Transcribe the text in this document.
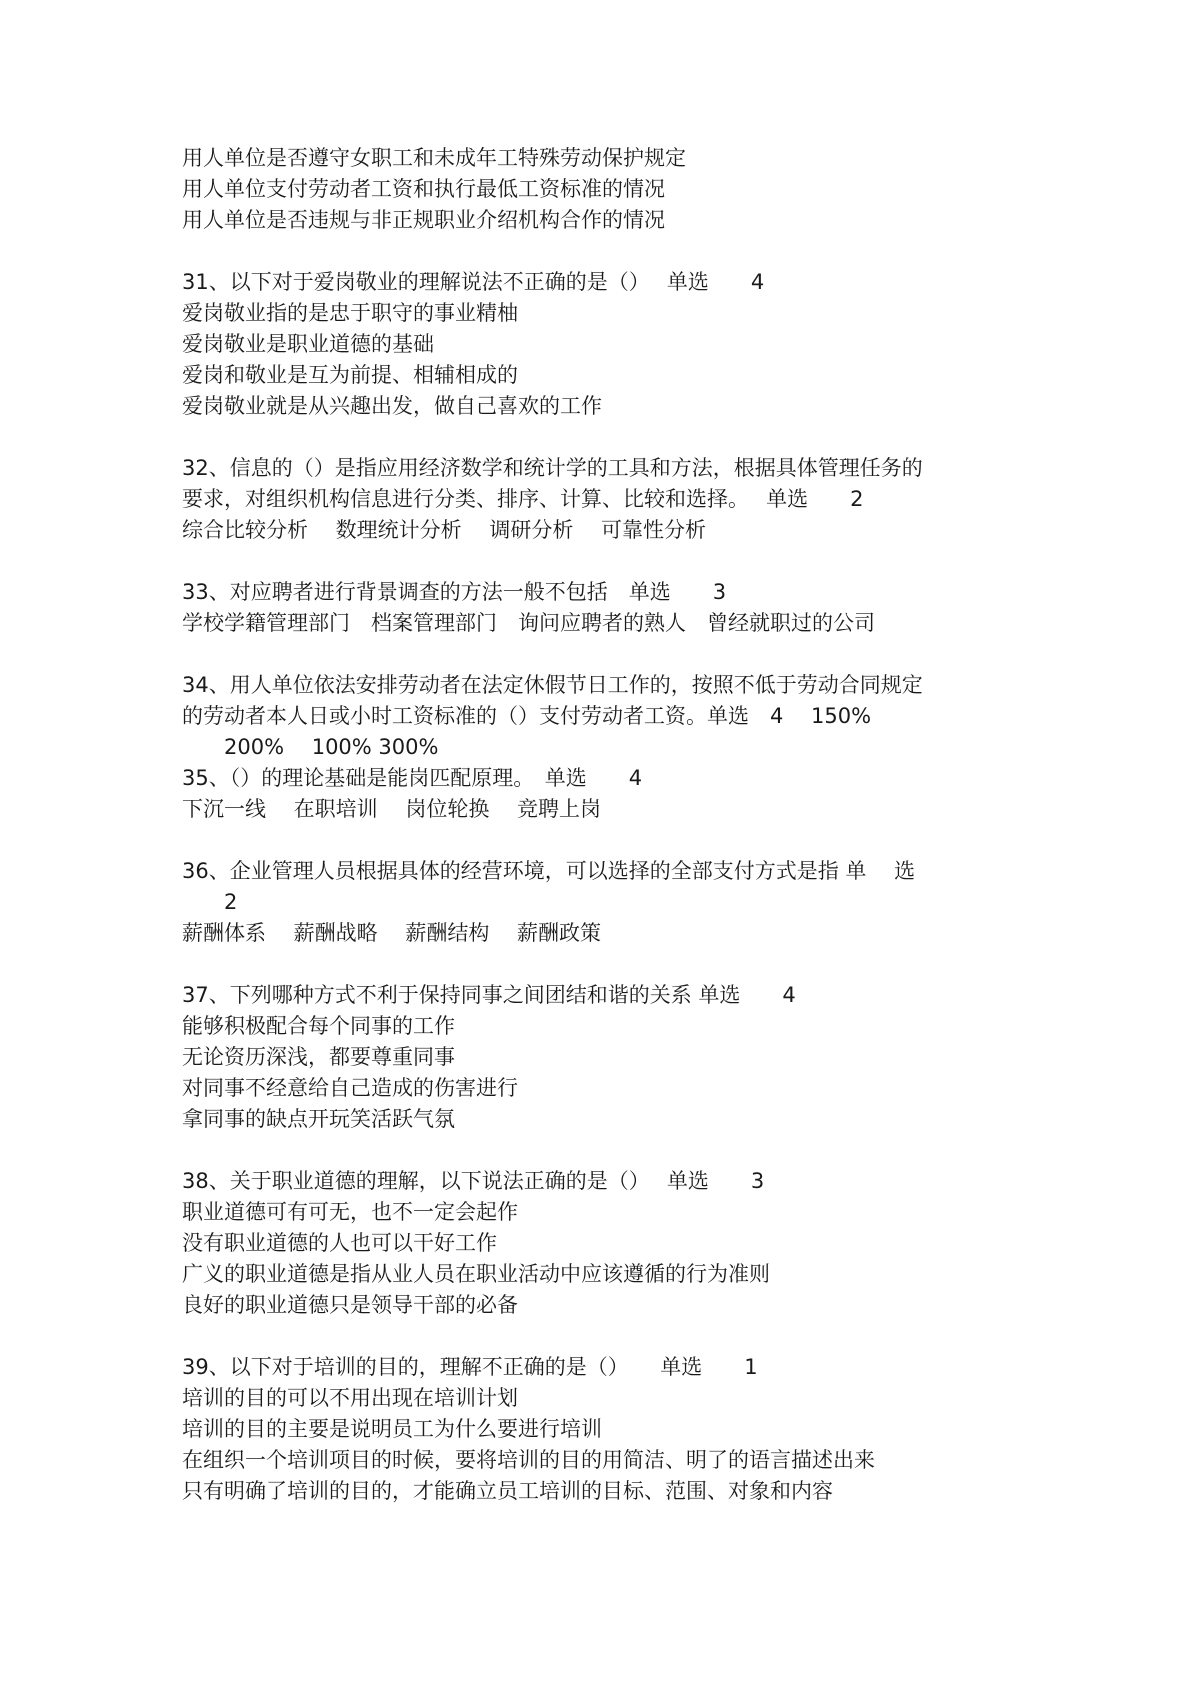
用人单位是否遵守女职工和未成年工特殊劳动保护规定
用人单位支付劳动者工资和执行最低工资标准的情况
用人单位是否违规与非正规职业介绍机构合作的情况
31、以下对于爱岗敬业的理解说法不正确的是（）　 单选　　4
爱岗敬业指的是忠于职守的事业精柚
爱岗敬业是职业道德的基础
爱岗和敬业是互为前提、相辅相成的
爱岗敬业就是从兴趣出发，做自己喜欢的工作
32、信息的（）是指应用经济数学和统计学的工具和方法，根据具体管理任务的
要求，对组织机构信息进行分类、排序、计算、比较和选择。　 单选　　2
综合比较分析　 数理统计分析　 调研分析　 可靠性分析
33、对应聘者进行背景调查的方法一般不包括　单选　　3
学校学籍管理部门　档案管理部门　询问应聘者的熟人　曾经就职过的公司
34、用人单位依法安排劳动者在法定休假节日工作的，按照不低于劳动合同规定
的劳动者本人日或小时工资标准的（）支付劳动者工资。单选　4　 150%
200%　 100% 300%
35、（）的理论基础是能岗匹配原理。　单选　　4
下沉一线　 在职培训　 岗位轮换　 竞聘上岗
36、企业管理人员根据具体的经营环境，可以选择的全部支付方式是指 单　 选
2
薪酬体系　 薪酬战略　 薪酬结构　 薪酬政策
37、下列哪种方式不利于保持同事之间团结和谐的关系 单选　　4
能够积极配合每个同事的工作
无论资历深浅，都要尊重同事
对同事不经意给自己造成的伤害进行
拿同事的缺点开玩笑活跃气氛
38、关于职业道德的理解，以下说法正确的是（）　 单选　　3
职业道德可有可无，也不一定会起作
没有职业道德的人也可以干好工作
广义的职业道德是指从业人员在职业活动中应该遵循的行为准则
良好的职业道德只是领导干部的必备
39、以下对于培训的目的，理解不正确的是（）　　单选　　1
培训的目的可以不用出现在培训计划
培训的目的主要是说明员工为什么要进行培训
在组织一个培训项目的时候，要将培训的目的用简洁、明了的语言描述出来
只有明确了培训的目的，才能确立员工培训的目标、范围、对象和内容
